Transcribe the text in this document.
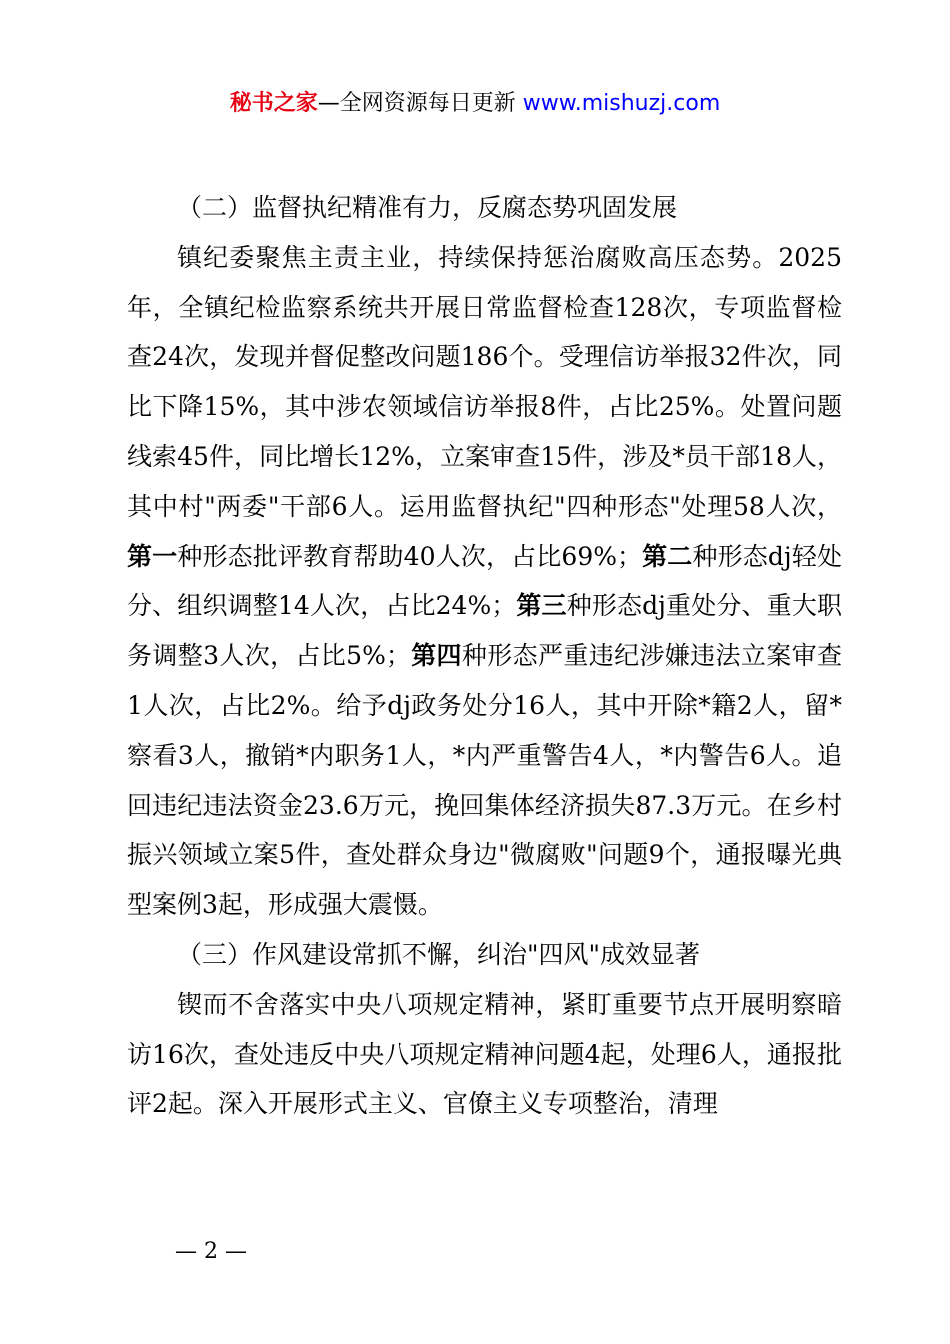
秘书之家—全网资源每日更新 www.mishuzj.com

（二）监督执纪精准有力，反腐态势巩固发展

镇纪委聚焦主责主业，持续保持惩治腐败高压态势。2025年，全镇纪检监察系统共开展日常监督检查128次，专项监督检查24次，发现并督促整改问题186个。受理信访举报32件次，同比下降15%，其中涉农领域信访举报8件，占比25%。处置问题线索45件，同比增长12%，立案审查15件，涉及*员干部18人，其中村"两委"干部6人。运用监督执纪"四种形态"处理58人次，第一种形态批评教育帮助40人次，占比69%；第二种形态dj轻处分、组织调整14人次，占比24%；第三种形态dj重处分、重大职务调整3人次，占比5%；第四种形态严重违纪涉嫌违法立案审查1人次，占比2%。给予dj政务处分16人，其中开除*籍2人，留*察看3人，撤销*内职务1人，*内严重警告4人，*内警告6人。追回违纪违法资金23.6万元，挽回集体经济损失87.3万元。在乡村振兴领域立案5件，查处群众身边"微腐败"问题9个，通报曝光典型案例3起，形成强大震慑。

（三）作风建设常抓不懈，纠治"四风"成效显著

锲而不舍落实中央八项规定精神，紧盯重要节点开展明察暗访16次，查处违反中央八项规定精神问题4起，处理6人，通报批评2起。深入开展形式主义、官僚主义专项整治，清理

— 2 —
